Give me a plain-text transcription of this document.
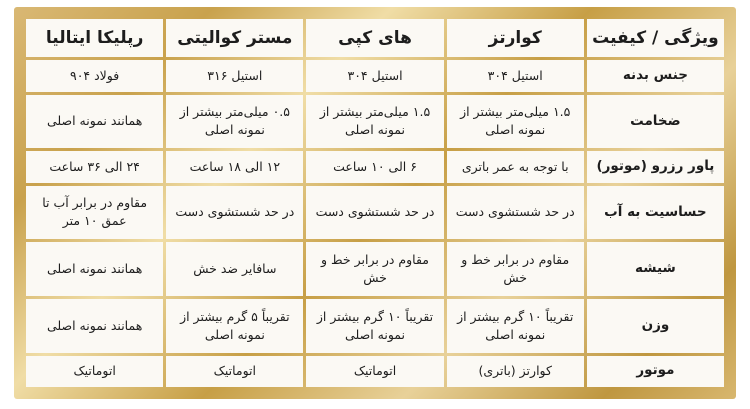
ویژگی / کیفیت	کوارتز	های کپی	مستر کوالیتی	رپلیکا ایتالیا
جنس بدنه	استیل ۳۰۴	استیل ۳۰۴	استیل ۳۱۶	فولاد ۹۰۴
ضخامت	۱.۵ میلی‌متر بیشتر از نمونه اصلی	۱.۵ میلی‌متر بیشتر از نمونه اصلی	۰.۵ میلی‌متر بیشتر از نمونه اصلی	همانند نمونه اصلی
پاور رزرو (موتور)	با توجه به عمر باتری	۶ الی ۱۰ ساعت	۱۲ الی ۱۸ ساعت	۲۴ الی ۳۶ ساعت
حساسیت به آب	در حد شستشوی دست	در حد شستشوی دست	در حد شستشوی دست	مقاوم در برابر آب تا عمق ۱۰ متر
شیشه	مقاوم در برابر خط و خش	مقاوم در برابر خط و خش	سافایر ضد خش	همانند نمونه اصلی
وزن	تقریباً ۱۰ گرم بیشتر از نمونه اصلی	تقریباً ۱۰ گرم بیشتر از نمونه اصلی	تقریباً ۵ گرم بیشتر از نمونه اصلی	همانند نمونه اصلی
موتور	کوارتز (باتری)	اتوماتیک	اتوماتیک	اتوماتیک
